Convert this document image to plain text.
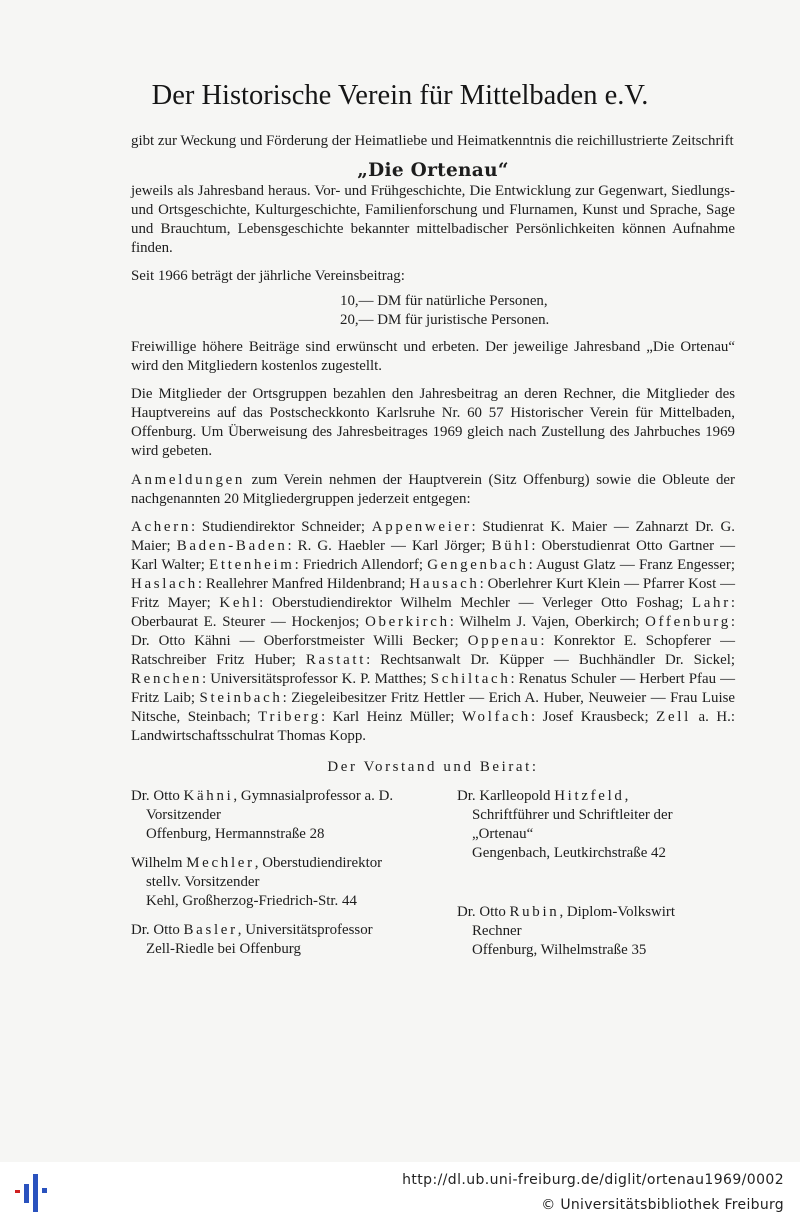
Der Historische Verein für Mittelbaden e.V.

gibt zur Weckung und Förderung der Heimatliebe und Heimatkenntnis die reichillustrierte Zeitschrift

„Die Ortenau“

jeweils als Jahresband heraus. Vor- und Frühgeschichte, Die Entwicklung zur Gegenwart, Siedlungs- und Ortsgeschichte, Kulturgeschichte, Familienforschung und Flurnamen, Kunst und Sprache, Sage und Brauchtum, Lebensgeschichte bekannter mittelbadischer Persönlichkeiten können Aufnahme finden.

Seit 1966 beträgt der jährliche Vereinsbeitrag:

10,— DM für natürliche Personen,
20,— DM für juristische Personen.

Freiwillige höhere Beiträge sind erwünscht und erbeten. Der jeweilige Jahresband „Die Ortenau“ wird den Mitgliedern kostenlos zugestellt.

Die Mitglieder der Ortsgruppen bezahlen den Jahresbeitrag an deren Rechner, die Mitglieder des Hauptvereins auf das Postscheckkonto Karlsruhe Nr. 60 57 Historischer Verein für Mittelbaden, Offenburg. Um Überweisung des Jahresbeitrages 1969 gleich nach Zustellung des Jahrbuches 1969 wird gebeten.

Anmeldungen zum Verein nehmen der Hauptverein (Sitz Offenburg) sowie die Obleute der nachgenannten 20 Mitgliedergruppen jederzeit entgegen:

Achern: Studiendirektor Schneider; Appenweier: Studienrat K. Maier — Zahnarzt Dr. G. Maier; Baden-Baden: R. G. Haebler — Karl Jörger; Bühl: Oberstudienrat Otto Gartner — Karl Walter; Ettenheim: Friedrich Allendorf; Gengenbach: August Glatz — Franz Engesser; Haslach: Reallehrer Manfred Hildenbrand; Hausach: Oberlehrer Kurt Klein — Pfarrer Kost — Fritz Mayer; Kehl: Oberstudiendirektor Wilhelm Mechler — Verleger Otto Foshag; Lahr: Oberbaurat E. Steurer — Hockenjos; Oberkirch: Wilhelm J. Vajen, Oberkirch; Offenburg: Dr. Otto Kähni — Oberforstmeister Willi Becker; Oppenau: Konrektor E. Schopferer — Ratschreiber Fritz Huber; Rastatt: Rechtsanwalt Dr. Küpper — Buchhändler Dr. Sickel; Renchen: Universitätsprofessor K. P. Matthes; Schiltach: Renatus Schuler — Herbert Pfau — Fritz Laib; Steinbach: Ziegeleibesitzer Fritz Hettler — Erich A. Huber, Neuweier — Frau Luise Nitsche, Steinbach; Triberg: Karl Heinz Müller; Wolfach: Josef Krausbeck; Zell a. H.: Landwirtschaftsschulrat Thomas Kopp.

Der Vorstand und Beirat:
Dr. Otto Kähni, Gymnasialprofessor a. D.
Vorsitzender
Offenburg, Hermannstraße 28
Wilhelm Mechler, Oberstudiendirektor
stellv. Vorsitzender
Kehl, Großherzog-Friedrich-Str. 44
Dr. Otto Basler, Universitätsprofessor
Zell-Riedle bei Offenburg
Dr. Karlleopold Hitzfeld,
Schriftführer und Schriftleiter der „Ortenau“
Gengenbach, Leutkirchstraße 42
Dr. Otto Rubin, Diplom-Volkswirt
Rechner
Offenburg, Wilhelmstraße 35
http://dl.ub.uni-freiburg.de/diglit/ortenau1969/0002
© Universitätsbibliothek Freiburg
